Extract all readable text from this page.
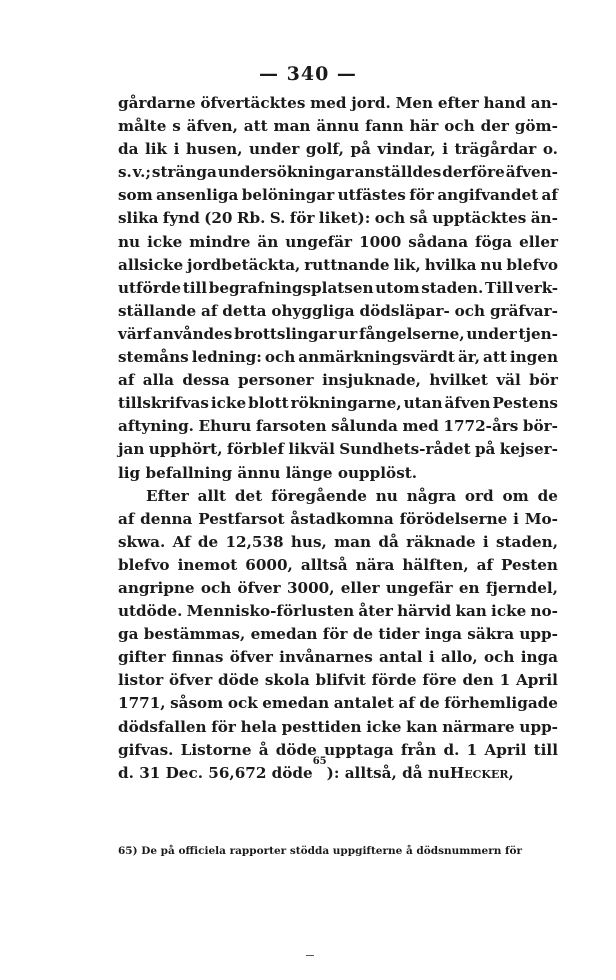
— 340 —
gårdarne öfvertäcktes med jord. Men efter hand an-
målte s äfven, att man ännu fann här och der göm-
da lik i husen, under golf, på vindar, i trägårdar o.
s. v.; stränga undersökningar anställdes derföre äfven-
som ansenliga belöningar utfästes för angifvandet af
slika fynd (20 Rb. S. för liket): och så upptäcktes än-
nu icke mindre än ungefär 1000 sådana föga eller
allsicke jordbetäckta, ruttnande lik, hvilka nu blefvo
utförde till begrafningsplatsen utom staden. Till verk-
ställande af detta ohyggliga dödsläpar- och gräfvar-
värf anvåndes brottslingar ur fångelserne, under tjen-
stemåns ledning: och anmärkningsvärdt är, att ingen
af alla dessa personer insjuknade, hvilket väl bör
tillskrifvas icke blott rökningarne, utan äfven Pestens
aftyning. Ehuru farsoten sålunda med 1772-års bör-
jan upphört, förblef likväl Sundhets-rådet på kejser-
lig befallning ännu länge oupplöst.
Efter allt det föregående nu några ord om de
af denna Pestfarsot åstadkomna förödelserne i Mo-
skwa. Af de 12,538 hus, man då räknade i staden,
blefvo inemot 6000, alltså nära hälften, af Pesten
angripne och öfver 3000, eller ungefär en fjerndel,
utdöde. Mennisko-förlusten åter härvid kan icke no-
ga bestämmas, emedan för de tider inga säkra upp-
gifter finnas öfver invånarnes antal i allo, och inga
listor öfver döde skola blifvit förde före den 1 April
1771, såsom ock emedan antalet af de förhemligade
dödsfallen för hela pesttiden icke kan närmare upp-
gifvas. Listorne å döde upptaga från d. 1 April till
d. 31 Dec. 56,672 döde
65
): alltså, då nu Hecker ,
65) De på officiela rapporter stödda uppgifterne å dödsnummern för
